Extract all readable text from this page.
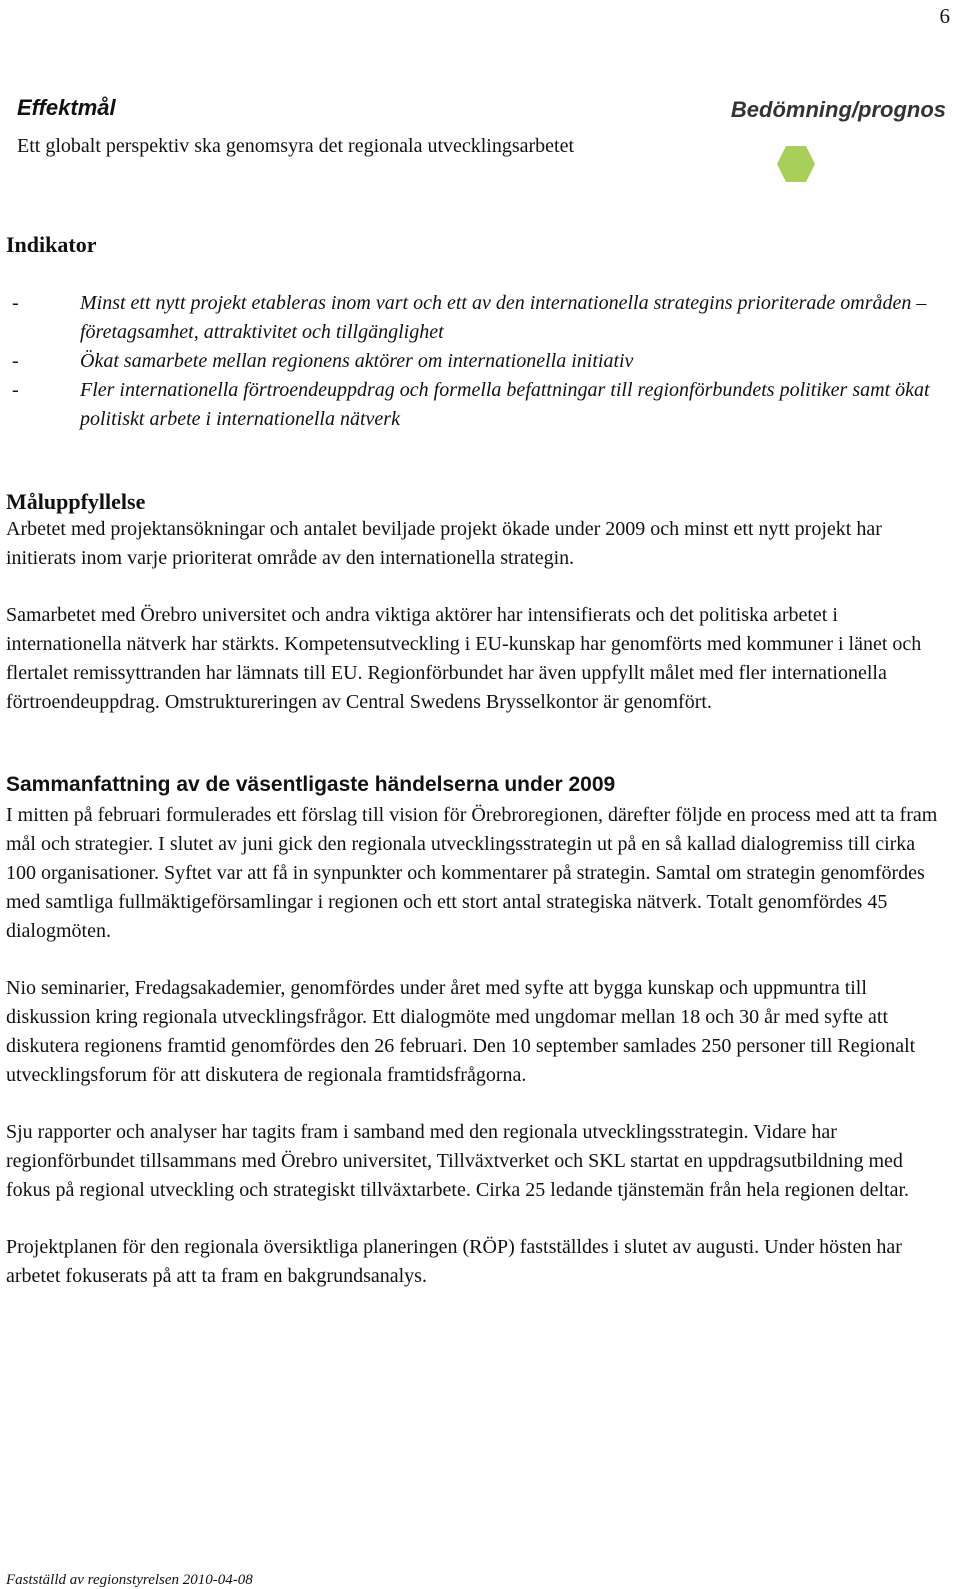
6
Effektmål	Bedömning/prognos
Ett globalt perspektiv ska genomsyra det regionala utvecklingsarbetet
Indikator
-	Minst ett nytt projekt etableras inom vart och ett av den internationella strategins prioriterade områden – företagsamhet, attraktivitet och tillgänglighet
-	Ökat samarbete mellan regionens aktörer om internationella initiativ
-	Fler internationella förtroendeuppdrag och formella befattningar till regionförbundets politiker samt ökat politiskt arbete i internationella nätverk
Måluppfyllelse

Arbetet med projektansökningar och antalet beviljade projekt ökade under 2009 och minst ett nytt projekt har initierats inom varje prioriterat område av den internationella strategin.

Samarbetet med Örebro universitet och andra viktiga aktörer har intensifierats och det politiska arbetet i internationella nätverk har stärkts. Kompetensutveckling i EU-kunskap har genomförts med kommuner i länet och flertalet remissyttranden har lämnats till EU. Regionförbundet har även uppfyllt målet med fler internationella förtroendeuppdrag. Omstruktureringen av Central Swedens Brysselkontor är genomfört.

Sammanfattning av de väsentligaste händelserna under 2009

I mitten på februari formulerades ett förslag till vision för Örebroregionen, därefter följde en process med att ta fram mål och strategier. I slutet av juni gick den regionala utvecklingsstrategin ut på en så kallad dialogremiss till cirka 100 organisationer. Syftet var att få in synpunkter och kommentarer på strategin. Samtal om strategin genomfördes med samtliga fullmäktigeförsamlingar i regionen och ett stort antal strategiska nätverk. Totalt genomfördes 45 dialogmöten.

Nio seminarier, Fredagsakademier, genomfördes under året med syfte att bygga kunskap och uppmuntra till diskussion kring regionala utvecklingsfrågor. Ett dialogmöte med ungdomar mellan 18 och 30 år med syfte att diskutera regionens framtid genomfördes den 26 februari. Den 10 september samlades 250 personer till Regionalt utvecklingsforum för att diskutera de regionala framtidsfrågorna.

Sju rapporter och analyser har tagits fram i samband med den regionala utvecklingsstrategin. Vidare har regionförbundet tillsammans med Örebro universitet, Tillväxtverket och SKL startat en uppdragsutbildning med fokus på regional utveckling och strategiskt tillväxtarbete. Cirka 25 ledande tjänstemän från hela regionen deltar.

Projektplanen för den regionala översiktliga planeringen (RÖP) fastställdes i slutet av augusti. Under hösten har arbetet fokuserats på att ta fram en bakgrundsanalys.

Fastställd av regionstyrelsen 2010-04-08
